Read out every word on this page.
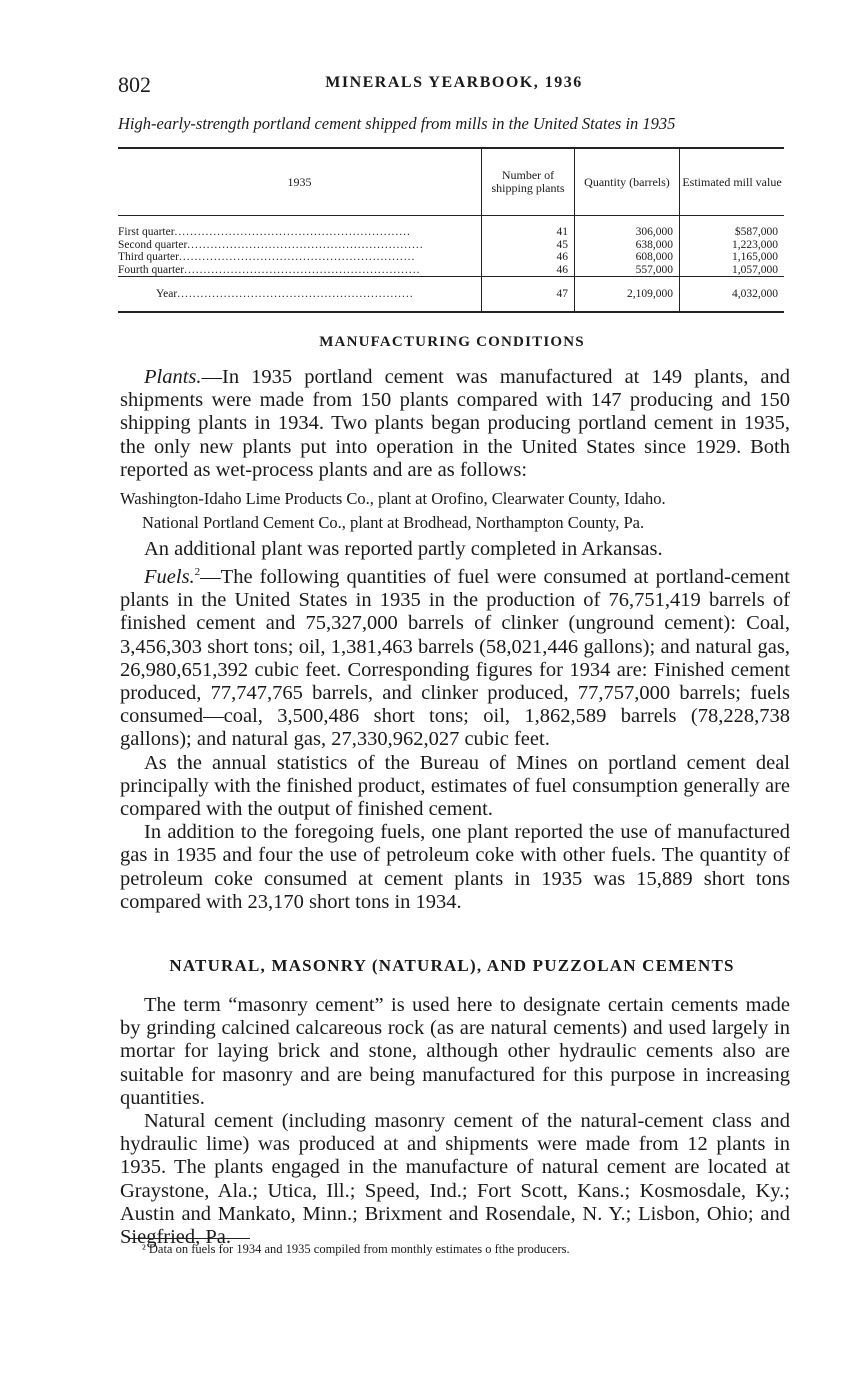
802	MINERALS YEARBOOK, 1936
High-early-strength portland cement shipped from mills in the United States in 1935
1935	Number of shipping plants	Quantity (barrels)	Estimated mill value

First quarter.............................................................	41	306,000	$587,000
Second quarter.............................................................	45	638,000	1,223,000
Third quarter.............................................................	46	608,000	1,165,000
Fourth quarter.............................................................	46	557,000	1,057,000
Year.............................................................	47	2,109,000	4,032,000
MANUFACTURING CONDITIONS

Plants.—In 1935 portland cement was manufactured at 149 plants, and shipments were made from 150 plants compared with 147 producing and 150 shipping plants in 1934. Two plants began producing portland cement in 1935, the only new plants put into operation in the United States since 1929. Both reported as wet-process plants and are as follows:

Washington-Idaho Lime Products Co., plant at Orofino, Clearwater County, Idaho.

National Portland Cement Co., plant at Brodhead, Northampton County, Pa.

An additional plant was reported partly completed in Arkansas.

Fuels.$^2$—The following quantities of fuel were consumed at portland-cement plants in the United States in 1935 in the production of 76,751,419 barrels of finished cement and 75,327,000 barrels of clinker (unground cement): Coal, 3,456,303 short tons; oil, 1,381,463 barrels (58,021,446 gallons); and natural gas, 26,980,651,392 cubic feet. Corresponding figures for 1934 are: Finished cement produced, 77,747,765 barrels, and clinker produced, 77,757,000 barrels; fuels consumed—coal, 3,500,486 short tons; oil, 1,862,589 barrels (78,228,738 gallons); and natural gas, 27,330,962,027 cubic feet.

As the annual statistics of the Bureau of Mines on portland cement deal principally with the finished product, estimates of fuel consumption generally are compared with the output of finished cement.

In addition to the foregoing fuels, one plant reported the use of manufactured gas in 1935 and four the use of petroleum coke with other fuels. The quantity of petroleum coke consumed at cement plants in 1935 was 15,889 short tons compared with 23,170 short tons in 1934.

NATURAL, MASONRY (NATURAL), AND PUZZOLAN CEMENTS

The term “masonry cement” is used here to designate certain cements made by grinding calcined calcareous rock (as are natural cements) and used largely in mortar for laying brick and stone, although other hydraulic cements also are suitable for masonry and are being manufactured for this purpose in increasing quantities.

Natural cement (including masonry cement of the natural-cement class and hydraulic lime) was produced at and shipments were made from 12 plants in 1935. The plants engaged in the manufacture of natural cement are located at Graystone, Ala.; Utica, Ill.; Speed, Ind.; Fort Scott, Kans.; Kosmosdale, Ky.; Austin and Mankato, Minn.; Brixment and Rosendale, N. Y.; Lisbon, Ohio; and Siegfried, Pa.

² Data on fuels for 1934 and 1935 compiled from monthly estimates o fthe producers.
